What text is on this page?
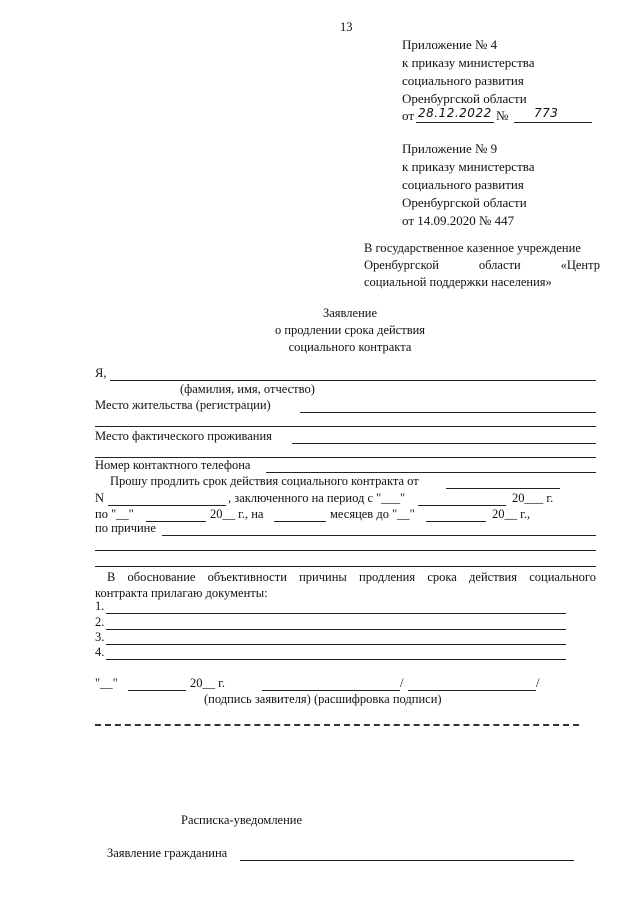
13
Приложение № 4
к приказу министерства
социального развития
Оренбургской области
от 28.12.2022 № 773
Приложение № 9
к приказу министерства
социального развития
Оренбургской области
от 14.09.2020 № 447
В государственное казенное учреждение
Оренбургской	области	«Центр
социальной поддержки населения»
Заявление
о продлении срока действия
социального контракта
Я,
(фамилия, имя, отчество)
Место жительства (регистрации)
Место фактического проживания
Номер контактного телефона
Прошу продлить срок действия социального контракта от
N	, заключенного на период с "___"	20___ г.
по "__"	20__ г., на	месяцев до "__"	20__ г.,
по причине
В обоснование объективности причины продления срока действия социального
контракта прилагаю документы:
1.
2.
3.
4.
"__"	20__ г.	/	/
(подпись заявителя) (расшифровка подписи)
Расписка-уведомление
Заявление гражданина
